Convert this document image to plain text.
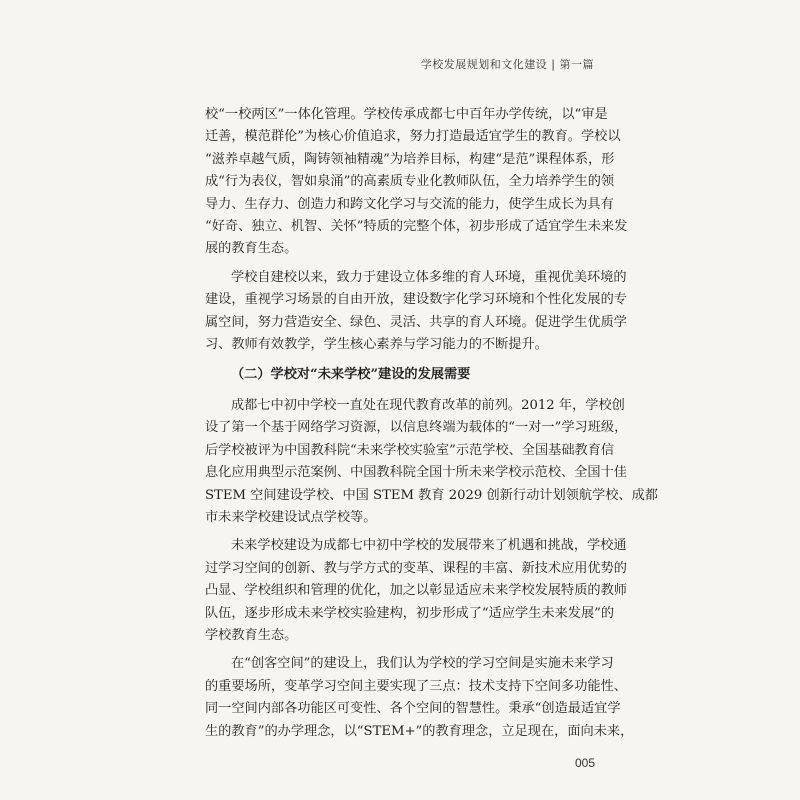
学校发展规划和文化建设 | 第一篇
校“一校两区”一体化管理。学校传承成都七中百年办学传统，以“审是
迁善，模范群伦”为核心价值追求，努力打造最适宜学生的教育。学校以
“滋养卓越气质，陶铸领袖精魂”为培养目标，构建“是范”课程体系，形
成“行为表仪，智如泉涌”的高素质专业化教师队伍，全力培养学生的领
导力、生存力、创造力和跨文化学习与交流的能力，使学生成长为具有
“好奇、独立、机智、关怀”特质的完整个体，初步形成了适宜学生未来发
展的教育生态。
学校自建校以来，致力于建设立体多维的育人环境，重视优美环境的
建设，重视学习场景的自由开放，建设数字化学习环境和个性化发展的专
属空间，努力营造安全、绿色、灵活、共享的育人环境。促进学生优质学
习、教师有效教学，学生核心素养与学习能力的不断提升。
（二）学校对“未来学校”建设的发展需要
成都七中初中学校一直处在现代教育改革的前列。2012 年，学校创
设了第一个基于网络学习资源，以信息终端为载体的“一对一”学习班级，
后学校被评为中国教科院“未来学校实验室”示范学校、全国基础教育信
息化应用典型示范案例、中国教科院全国十所未来学校示范校、全国十佳
STEM 空间建设学校、中国 STEM 教育 2029 创新行动计划领航学校、成都
市未来学校建设试点学校等。
未来学校建设为成都七中初中学校的发展带来了机遇和挑战，学校通
过学习空间的创新、教与学方式的变革、课程的丰富、新技术应用优势的
凸显、学校组织和管理的优化，加之以彰显适应未来学校发展特质的教师
队伍，逐步形成未来学校实验建构，初步形成了“适应学生未来发展”的
学校教育生态。
在“创客空间”的建设上，我们认为学校的学习空间是实施未来学习
的重要场所，变革学习空间主要实现了三点：技术支持下空间多功能性、
同一空间内部各功能区可变性、各个空间的智慧性。秉承“创造最适宜学
生的教育”的办学理念，以“STEM+”的教育理念，立足现在，面向未来，
005
